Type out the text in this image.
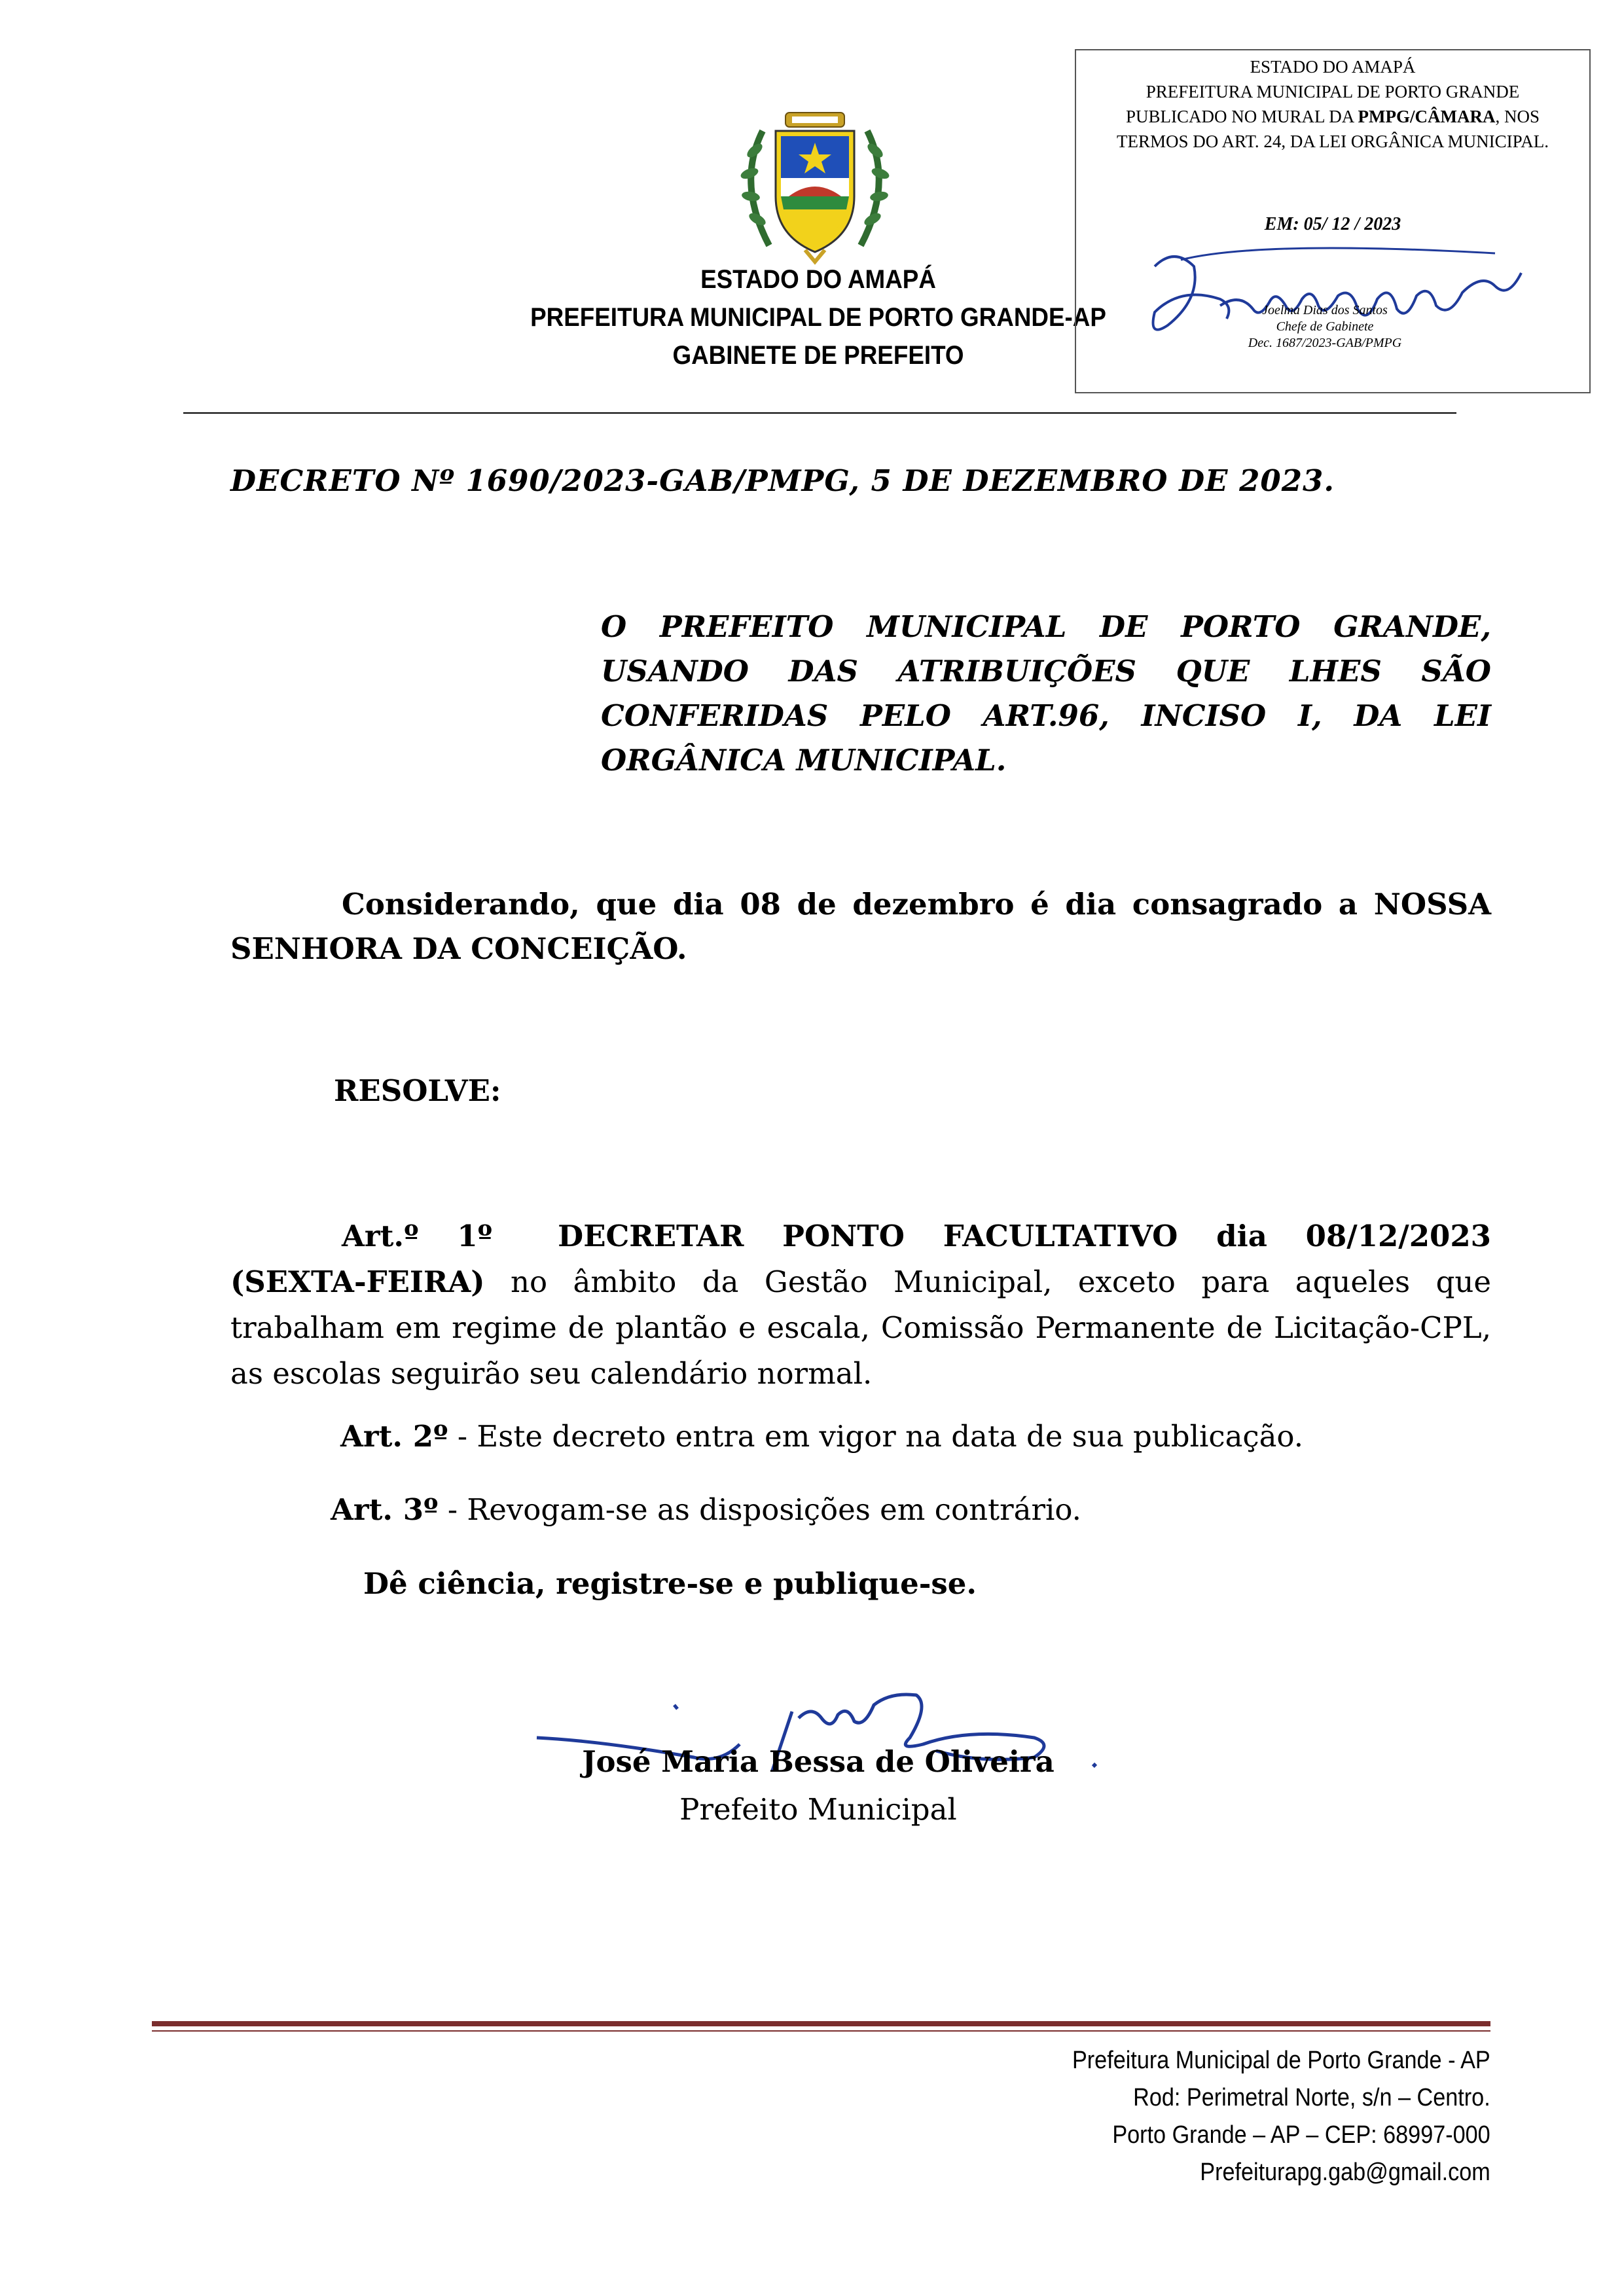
ESTADO DO AMAPÁ
PREFEITURA MUNICIPAL DE PORTO GRANDE-AP
GABINETE DE PREFEITO
ESTADO DO AMAPÁ
PREFEITURA MUNICIPAL DE PORTO GRANDE
PUBLICADO NO MURAL DA PMPG/CÂMARA, NOS
TERMOS DO ART. 24, DA LEI ORGÂNICA MUNICIPAL.
EM: 05/ 12 / 2023
Joelma Dias dos Santos
Chefe de Gabinete
Dec. 1687/2023-GAB/PMPG
DECRETO Nº 1690/2023-GAB/PMPG, 5 DE DEZEMBRO DE 2023.
O PREFEITO MUNICIPAL DE PORTO GRANDE,
USANDO DAS ATRIBUIÇÕES QUE LHES SÃO
CONFERIDAS PELO ART.96, INCISO I, DA LEI
ORGÂNICA MUNICIPAL.
Considerando, que dia 08 de dezembro é dia consagrado a NOSSA SENHORA DA CONCEIÇÃO.
RESOLVE:
Art.º 1º DECRETAR PONTO FACULTATIVO dia 08/12/2023 (SEXTA-FEIRA) no âmbito da Gestão Municipal, exceto para aqueles que trabalham em regime de plantão e escala, Comissão Permanente de Licitação-CPL, as escolas seguirão seu calendário normal.
Art. 2º - Este decreto entra em vigor na data de sua publicação.
Art. 3º - Revogam-se as disposições em contrário.
Dê ciência, registre-se e publique-se.
José Maria Bessa de Oliveira
Prefeito Municipal
Prefeitura Municipal de Porto Grande - AP
Rod: Perimetral Norte, s/n – Centro.
Porto Grande – AP – CEP: 68997-000
Prefeiturapg.gab@gmail.com
